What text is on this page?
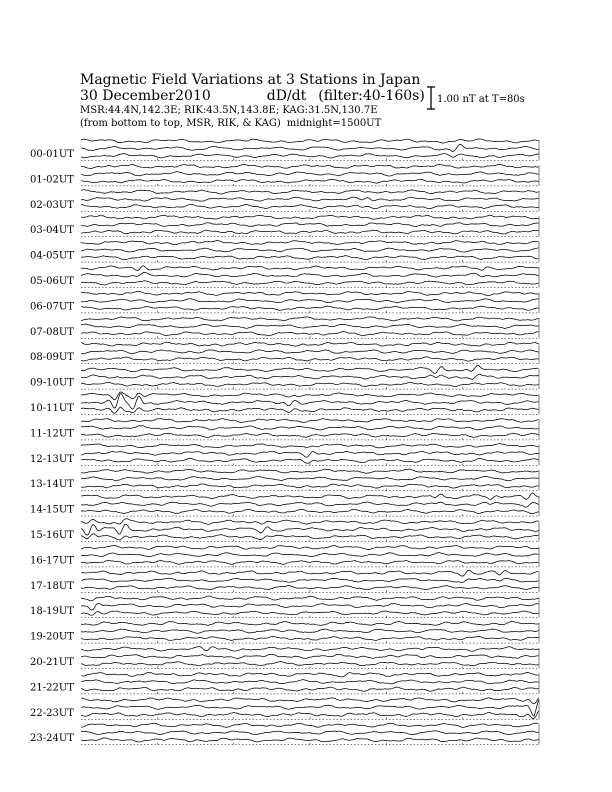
Magnetic Field Variations at 3 Stations in Japan
30 December2010	dD/dt (filter:40-160s)
MSR:44.4N,142.3E; RIK:43.5N,143.8E; KAG:31.5N,130.7E
(from bottom to top, MSR, RIK, & KAG) midnight=1500UT
1.00 nT at T=80s
00-01UT
01-02UT
02-03UT
03-04UT
04-05UT
05-06UT
06-07UT
07-08UT
08-09UT
09-10UT
10-11UT
11-12UT
12-13UT
13-14UT
14-15UT
15-16UT
16-17UT
17-18UT
18-19UT
19-20UT
20-21UT
21-22UT
22-23UT
23-24UT
